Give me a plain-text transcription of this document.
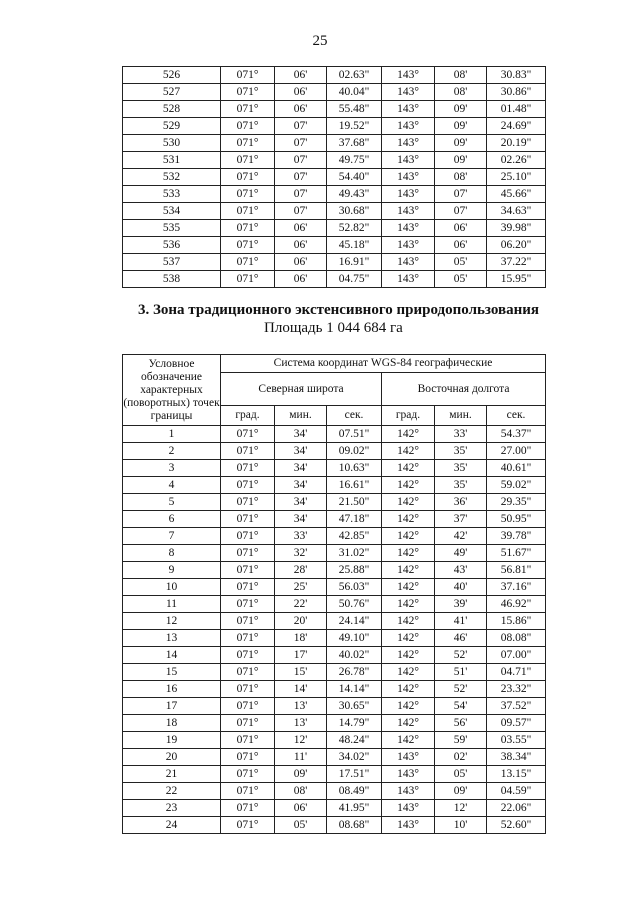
25
526	071°	06'	02.63"	143°	08'	30.83"
527	071°	06'	40.04"	143°	08'	30.86"
528	071°	06'	55.48"	143°	09'	01.48"
529	071°	07'	19.52"	143°	09'	24.69"
530	071°	07'	37.68"	143°	09'	20.19"
531	071°	07'	49.75"	143°	09'	02.26"
532	071°	07'	54.40"	143°	08'	25.10"
533	071°	07'	49.43"	143°	07'	45.66"
534	071°	07'	30.68"	143°	07'	34.63"
535	071°	06'	52.82"	143°	06'	39.98"
536	071°	06'	45.18"	143°	06'	06.20"
537	071°	06'	16.91"	143°	05'	37.22"
538	071°	06'	04.75"	143°	05'	15.95"
3. Зона традиционного экстенсивного природопользования
Площадь 1 044 684 га
Условное обозначение характерных (поворотных) точек границы	Система координат WGS-84 географические					
	Северная широта			Восточная долгота		
	град.	мин.	сек.	град.	мин.	сек.
1	071°	34'	07.51"	142°	33'	54.37"
2	071°	34'	09.02"	142°	35'	27.00"
3	071°	34'	10.63"	142°	35'	40.61"
4	071°	34'	16.61"	142°	35'	59.02"
5	071°	34'	21.50"	142°	36'	29.35"
6	071°	34'	47.18"	142°	37'	50.95"
7	071°	33'	42.85"	142°	42'	39.78"
8	071°	32'	31.02"	142°	49'	51.67"
9	071°	28'	25.88"	142°	43'	56.81"
10	071°	25'	56.03"	142°	40'	37.16"
11	071°	22'	50.76"	142°	39'	46.92"
12	071°	20'	24.14"	142°	41'	15.86"
13	071°	18'	49.10"	142°	46'	08.08"
14	071°	17'	40.02"	142°	52'	07.00"
15	071°	15'	26.78"	142°	51'	04.71"
16	071°	14'	14.14"	142°	52'	23.32"
17	071°	13'	30.65"	142°	54'	37.52"
18	071°	13'	14.79"	142°	56'	09.57"
19	071°	12'	48.24"	142°	59'	03.55"
20	071°	11'	34.02"	143°	02'	38.34"
21	071°	09'	17.51"	143°	05'	13.15"
22	071°	08'	08.49"	143°	09'	04.59"
23	071°	06'	41.95"	143°	12'	22.06"
24	071°	05'	08.68"	143°	10'	52.60"
